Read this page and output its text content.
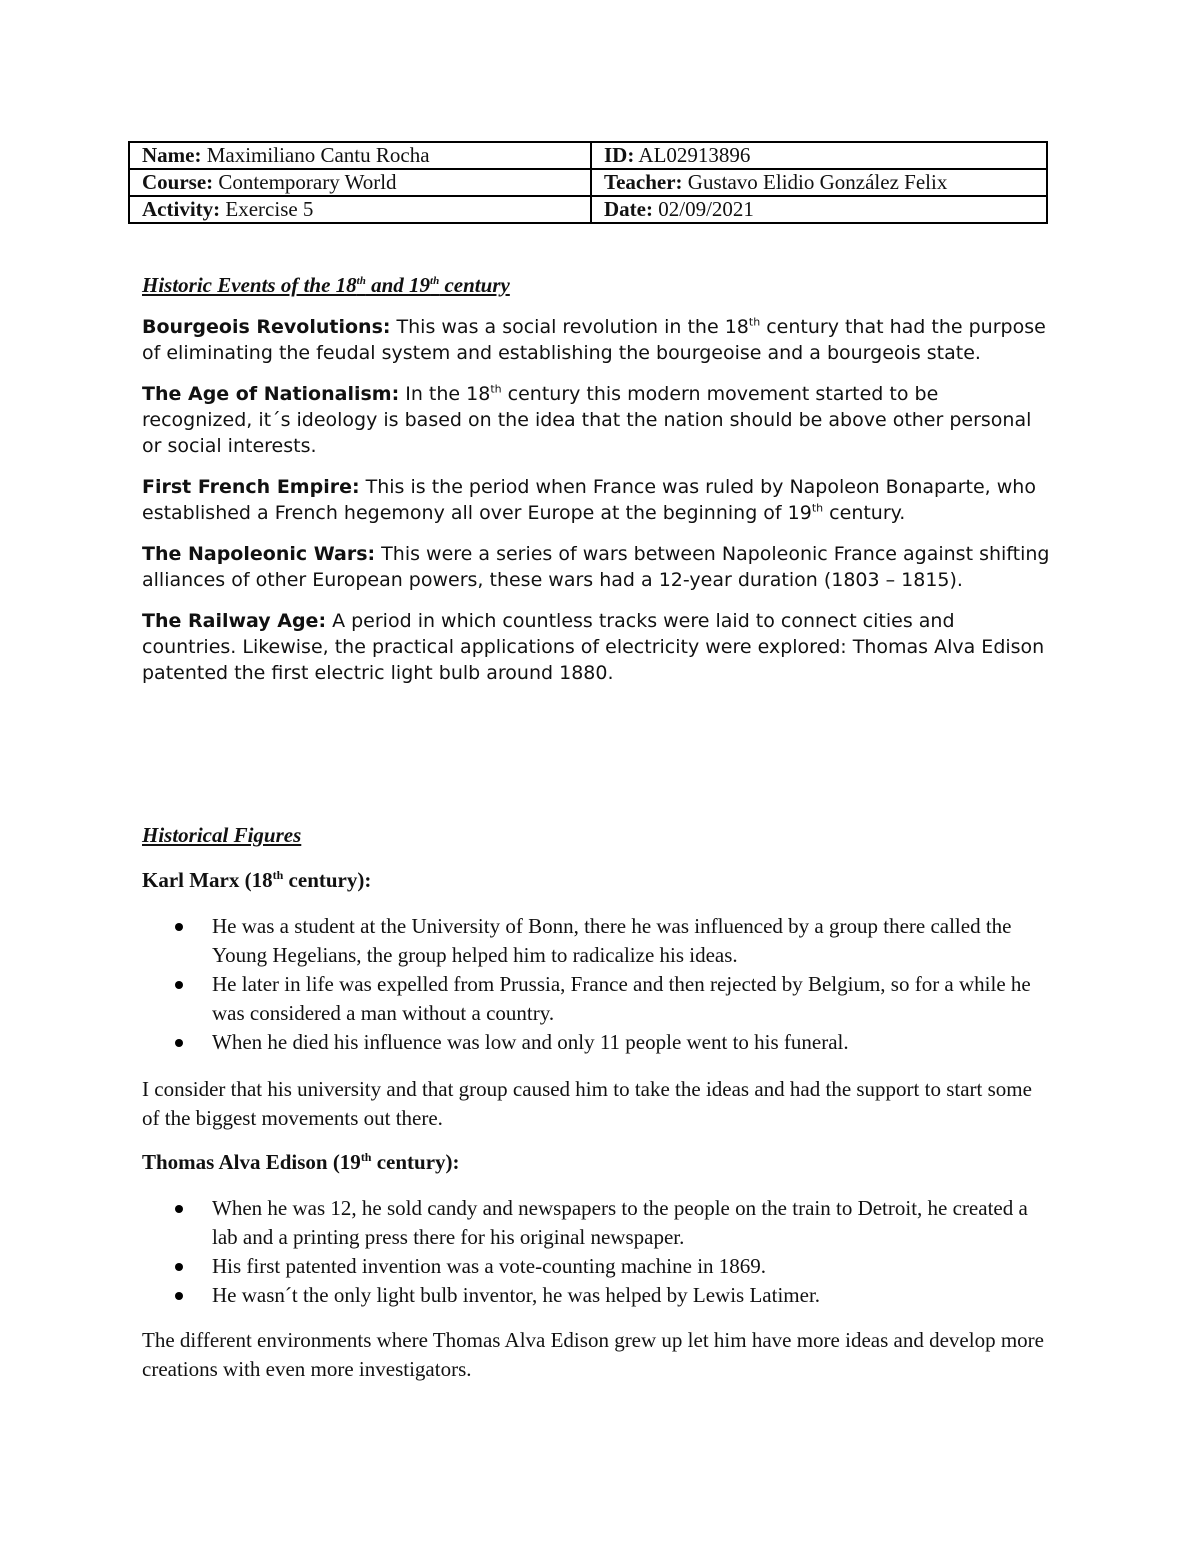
Name: Maximiliano Cantu Rocha	ID: AL02913896
Course: Contemporary World	Teacher: Gustavo Elidio González Felix
Activity: Exercise 5	Date: 02/09/2021
Historic Events of the 18th and 19th century

Bourgeois Revolutions: This was a social revolution in the 18th century that had the purpose of eliminating the feudal system and establishing the bourgeoise and a bourgeois state.

The Age of Nationalism: In the 18th century this modern movement started to be recognized, it´s ideology is based on the idea that the nation should be above other personal or social interests.

First French Empire: This is the period when France was ruled by Napoleon Bonaparte, who established a French hegemony all over Europe at the beginning of 19th century.

The Napoleonic Wars: This were a series of wars between Napoleonic France against shifting alliances of other European powers, these wars had a 12-year duration (1803 – 1815).

The Railway Age: A period in which countless tracks were laid to connect cities and countries. Likewise, the practical applications of electricity were explored: Thomas Alva Edison patented the first electric light bulb around 1880.

Historical Figures
Karl Marx (18th century):
He was a student at the University of Bonn, there he was influenced by a group there called the Young Hegelians, the group helped him to radicalize his ideas.
He later in life was expelled from Prussia, France and then rejected by Belgium, so for a while he was considered a man without a country.
When he died his influence was low and only 11 people went to his funeral.

I consider that his university and that group caused him to take the ideas and had the support to start some of the biggest movements out there.

Thomas Alva Edison (19th century):
When he was 12, he sold candy and newspapers to the people on the train to Detroit, he created a lab and a printing press there for his original newspaper.
His first patented invention was a vote-counting machine in 1869.
He wasn´t the only light bulb inventor, he was helped by Lewis Latimer.

The different environments where Thomas Alva Edison grew up let him have more ideas and develop more creations with even more investigators.
